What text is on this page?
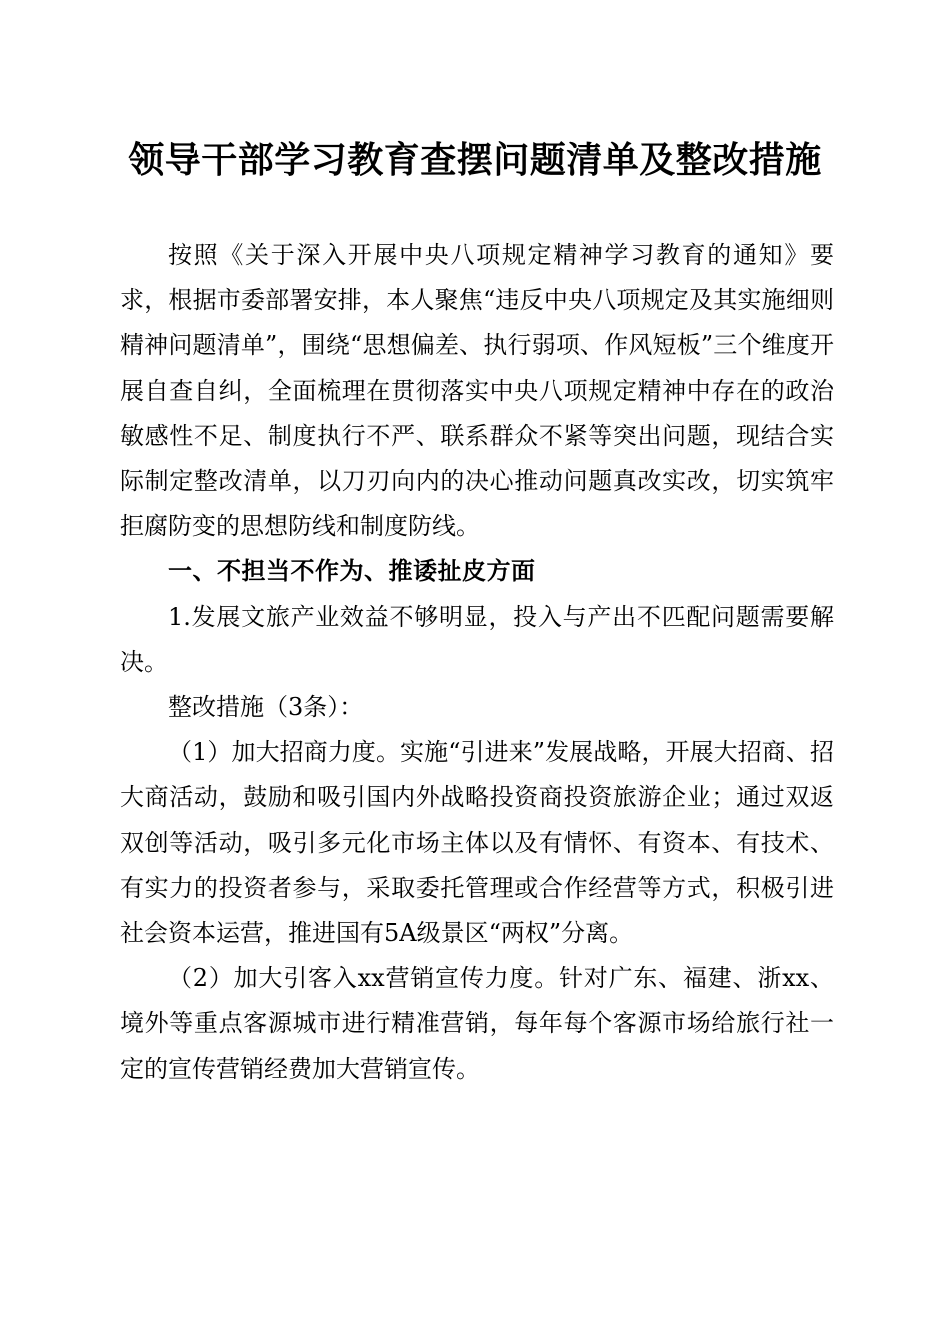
领导干部学习教育查摆问题清单及整改措施

按照《关于深入开展中央八项规定精神学习教育的通知》要求，根据市委部署安排，本人聚焦“违反中央八项规定及其实施细则精神问题清单”，围绕“思想偏差、执行弱项、作风短板”三个维度开展自查自纠，全面梳理在贯彻落实中央八项规定精神中存在的政治敏感性不足、制度执行不严、联系群众不紧等突出问题，现结合实际制定整改清单，以刀刃向内的决心推动问题真改实改，切实筑牢拒腐防变的思想防线和制度防线。

一、不担当不作为、推诿扯皮方面

1.发展文旅产业效益不够明显，投入与产出不匹配问题需要解决。

整改措施（3条）：

（1）加大招商力度。实施“引进来”发展战略，开展大招商、招大商活动，鼓励和吸引国内外战略投资商投资旅游企业；通过双返双创等活动，吸引多元化市场主体以及有情怀、有资本、有技术、有实力的投资者参与，采取委托管理或合作经营等方式，积极引进社会资本运营，推进国有5A级景区“两权”分离。

（2）加大引客入xx营销宣传力度。针对广东、福建、浙xx、境外等重点客源城市进行精准营销，每年每个客源市场给旅行社一定的宣传营销经费加大营销宣传。
